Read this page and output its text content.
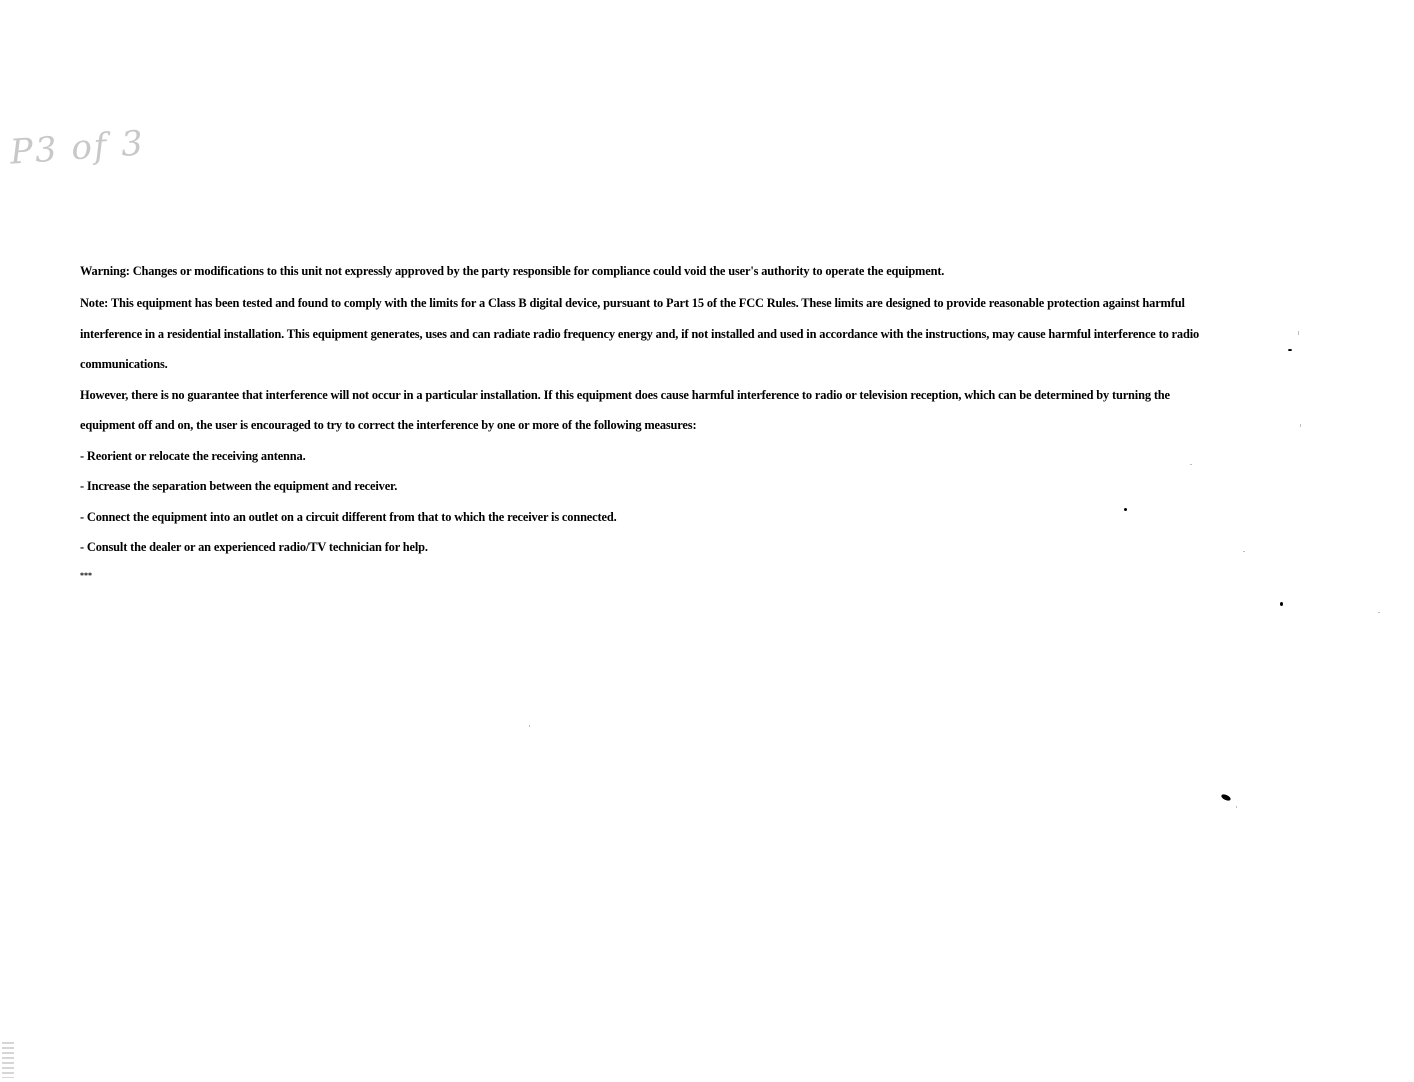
P3 of 3
Warning: Changes or modifications to this unit not expressly approved by the party responsible for compliance could void the user's authority to operate the equipment.
Note: This equipment has been tested and found to comply with the limits for a Class B digital device, pursuant to Part 15 of the FCC Rules. These limits are designed to provide reasonable protection against harmful
interference in a residential installation. This equipment generates, uses and can radiate radio frequency energy and, if not installed and used in accordance with the instructions, may cause harmful interference to radio
communications.
However, there is no guarantee that interference will not occur in a particular installation. If this equipment does cause harmful interference to radio or television reception, which can be determined by turning the
equipment off and on, the user is encouraged to try to correct the interference by one or more of the following measures:
- Reorient or relocate the receiving antenna.
- Increase the separation between the equipment and receiver.
- Connect the equipment into an outlet on a circuit different from that to which the receiver is connected.
- Consult the dealer or an experienced radio/TV technician for help.
***
